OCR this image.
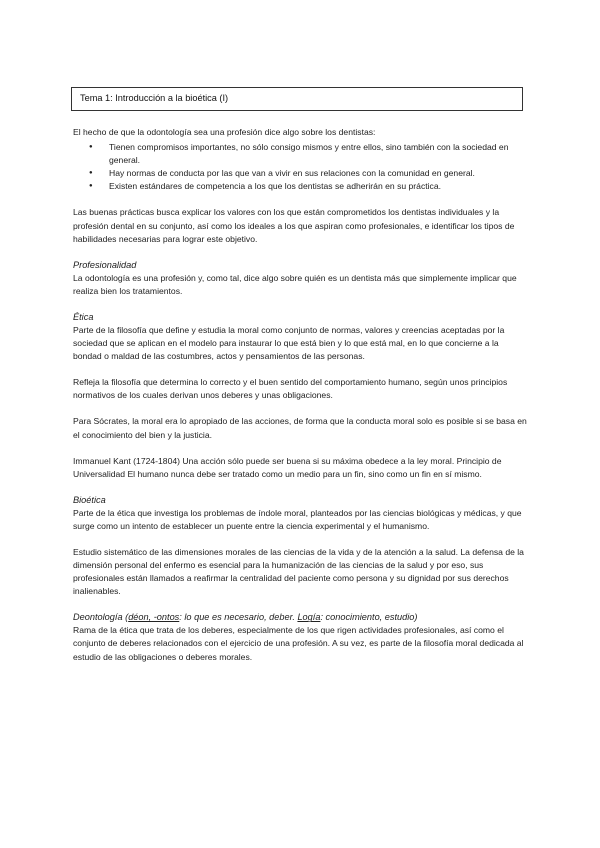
Tema 1: Introducción a la bioética (I)

El hecho de que la odontología sea una profesión dice algo sobre los dentistas:

● Tienen compromisos importantes, no sólo consigo mismos y entre ellos, sino también con la sociedad en general.
● Hay normas de conducta por las que van a vivir en sus relaciones con la comunidad en general.
● Existen estándares de competencia a los que los dentistas se adherirán en su práctica.

Las buenas prácticas busca explicar los valores con los que están comprometidos los dentistas individuales y la profesión dental en su conjunto, así como los ideales a los que aspiran como profesionales, e identificar los tipos de habilidades necesarias para lograr este objetivo.

Profesionalidad

La odontología es una profesión y, como tal, dice algo sobre quién es un dentista más que simplemente implicar que realiza bien los tratamientos.

Ética

Parte de la filosofía que define y estudia la moral como conjunto de normas, valores y creencias aceptadas por la sociedad que se aplican en el modelo para instaurar lo que está bien y lo que está mal, en lo que concierne a la bondad o maldad de las costumbres, actos y pensamientos de las personas.

Refleja la filosofía que determina lo correcto y el buen sentido del comportamiento humano, según unos principios normativos de los cuales derivan unos deberes y unas obligaciones.

Para Sócrates, la moral era lo apropiado de las acciones, de forma que la conducta moral solo es posible si se basa en el conocimiento del bien y la justicia.

Immanuel Kant (1724-1804) Una acción sólo puede ser buena si su máxima obedece a la ley moral. Principio de Universalidad El humano nunca debe ser tratado como un medio para un fin, sino como un fin en sí mismo.

Bioética

Parte de la ética que investiga los problemas de índole moral, planteados por las ciencias biológicas y médicas, y que surge como un intento de establecer un puente entre la ciencia experimental y el humanismo.

Estudio sistemático de las dimensiones morales de las ciencias de la vida y de la atención a la salud. La defensa de la dimensión personal del enfermo es esencial para la humanización de las ciencias de la salud y por eso, sus profesionales están llamados a reafirmar la centralidad del paciente como persona y su dignidad por sus derechos inalienables.

Deontología (déon, -ontos: lo que es necesario, deber. Logía: conocimiento, estudio)

Rama de la ética que trata de los deberes, especialmente de los que rigen actividades profesionales, así como el conjunto de deberes relacionados con el ejercicio de una profesión. A su vez, es parte de la filosofía moral dedicada al estudio de las obligaciones o deberes morales.
